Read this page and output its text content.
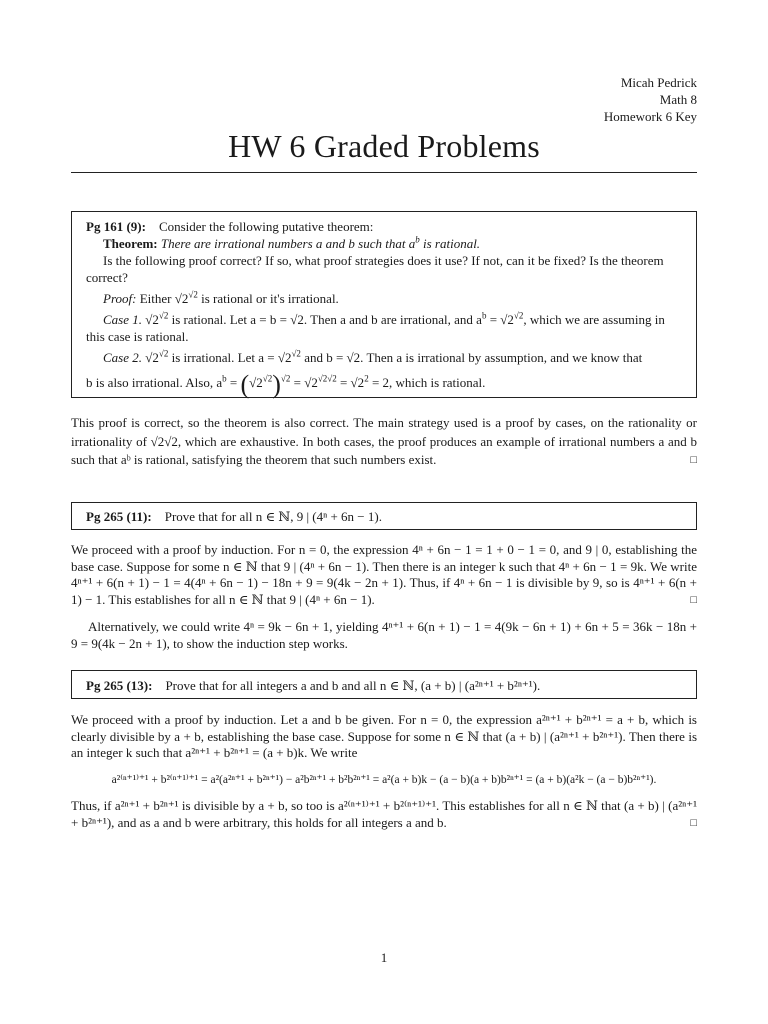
Micah Pedrick
Math 8
Homework 6 Key
HW 6 Graded Problems

Pg 161 (9): Consider the following putative theorem:

Theorem: There are irrational numbers a and b such that $a^b$ is rational.

Is the following proof correct? If so, what proof strategies does it use? If not, can it be fixed? Is the theorem correct?

Proof: Either $√2^{√2}$ is rational or it's irrational.

Case 1. $√2^{√2}$ is rational. Let a = b = √2. Then a and b are irrational, and $a^b = √2^{√2}$, which we are assuming in this case is rational.

Case 2. $√2^{√2}$ is irrational. Let $a = √2^{√2}$ and b = √2. Then a is irrational by assumption, and we know that

b is also irrational. Also, $a^b = (√2^{√2})^{√2} = √2^{√2√2} = √2^2 = 2$, which is rational.

This proof is correct, so the theorem is also correct. The main strategy used is a proof by cases, on the rationality or irrationality of √2√2, which are exhaustive. In both cases, the proof produces an example of irrational numbers a and b such that aᵇ is rational, satisfying the theorem that such numbers exist.	□

Pg 265 (11): Prove that for all n ∈ ℕ, 9 | (4ⁿ + 6n − 1).

We proceed with a proof by induction. For n = 0, the expression 4ⁿ + 6n − 1 = 1 + 0 − 1 = 0, and 9 | 0, establishing the base case. Suppose for some n ∈ ℕ that 9 | (4ⁿ + 6n − 1). Then there is an integer k such that 4ⁿ + 6n − 1 = 9k. We write 4ⁿ⁺¹ + 6(n + 1) − 1 = 4(4ⁿ + 6n − 1) − 18n + 9 = 9(4k − 2n + 1). Thus, if 4ⁿ + 6n − 1 is divisible by 9, so is 4ⁿ⁺¹ + 6(n + 1) − 1. This establishes for all n ∈ ℕ that 9 | (4ⁿ + 6n − 1).	□

Alternatively, we could write 4ⁿ = 9k − 6n + 1, yielding 4ⁿ⁺¹ + 6(n + 1) − 1 = 4(9k − 6n + 1) + 6n + 5 = 36k − 18n + 9 = 9(4k − 2n + 1), to show the induction step works.

Pg 265 (13): Prove that for all integers a and b and all n ∈ ℕ, (a + b) | (a²ⁿ⁺¹ + b²ⁿ⁺¹).

We proceed with a proof by induction. Let a and b be given. For n = 0, the expression a²ⁿ⁺¹ + b²ⁿ⁺¹ = a + b, which is clearly divisible by a + b, establishing the base case. Suppose for some n ∈ ℕ that (a + b) | (a²ⁿ⁺¹ + b²ⁿ⁺¹). Then there is an integer k such that a²ⁿ⁺¹ + b²ⁿ⁺¹ = (a + b)k. We write

a²⁽ⁿ⁺¹⁾⁺¹ + b²⁽ⁿ⁺¹⁾⁺¹ = a²(a²ⁿ⁺¹ + b²ⁿ⁺¹) − a²b²ⁿ⁺¹ + b²b²ⁿ⁺¹ = a²(a + b)k − (a − b)(a + b)b²ⁿ⁺¹ = (a + b)(a²k − (a − b)b²ⁿ⁺¹).

Thus, if a²ⁿ⁺¹ + b²ⁿ⁺¹ is divisible by a + b, so too is a²⁽ⁿ⁺¹⁾⁺¹ + b²⁽ⁿ⁺¹⁾⁺¹. This establishes for all n ∈ ℕ that (a + b) | (a²ⁿ⁺¹ + b²ⁿ⁺¹), and as a and b were arbitrary, this holds for all integers a and b.	□

1
